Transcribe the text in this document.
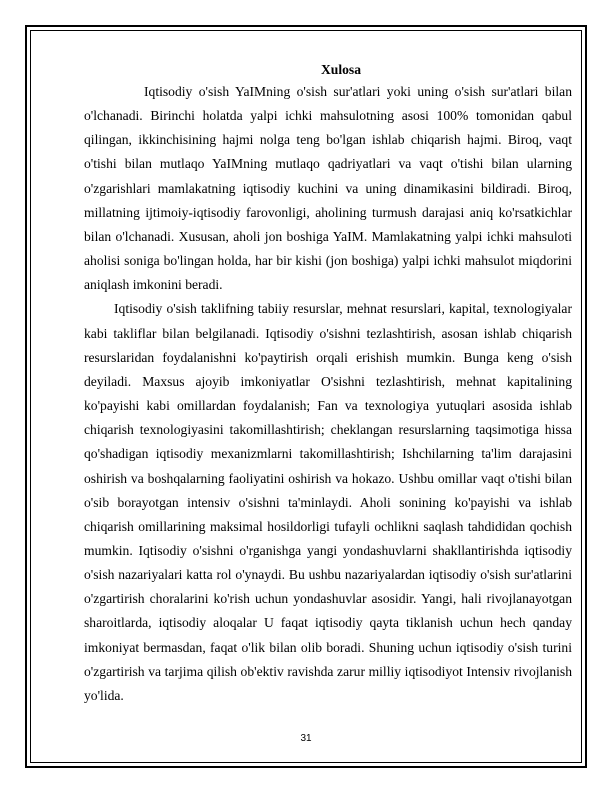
Xulosa

Iqtisodiy o'sish YaIMning o'sish sur'atlari yoki uning o'sish sur'atlari bilan o'lchanadi. Birinchi holatda yalpi ichki mahsulotning asosi 100% tomonidan qabul qilingan, ikkinchisining hajmi nolga teng bo'lgan ishlab chiqarish hajmi. Biroq, vaqt o'tishi bilan mutlaqo YaIMning mutlaqo qadriyatlari va vaqt o'tishi bilan ularning o'zgarishlari mamlakatning iqtisodiy kuchini va uning dinamikasini bildiradi. Biroq, millatning ijtimoiy-iqtisodiy farovonligi, aholining turmush darajasi aniq ko'rsatkichlar bilan o'lchanadi. Xususan, aholi jon boshiga YaIM. Mamlakatning yalpi ichki mahsuloti aholisi soniga bo'lingan holda, har bir kishi (jon boshiga) yalpi ichki mahsulot miqdorini aniqlash imkonini beradi.

Iqtisodiy o'sish taklifning tabiiy resurslar, mehnat resurslari, kapital, texnologiyalar kabi takliflar bilan belgilanadi. Iqtisodiy o'sishni tezlashtirish, asosan ishlab chiqarish resurslaridan foydalanishni ko'paytirish orqali erishish mumkin. Bunga keng o'sish deyiladi. Maxsus ajoyib imkoniyatlar O'sishni tezlashtirish, mehnat kapitalining ko'payishi kabi omillardan foydalanish; Fan va texnologiya yutuqlari asosida ishlab chiqarish texnologiyasini takomillashtirish; cheklangan resurslarning taqsimotiga hissa qo'shadigan iqtisodiy mexanizmlarni takomillashtirish; Ishchilarning ta'lim darajasini oshirish va boshqalarning faoliyatini oshirish va hokazo. Ushbu omillar vaqt o'tishi bilan o'sib borayotgan intensiv o'sishni ta'minlaydi. Aholi sonining ko'payishi va ishlab chiqarish omillarining maksimal hosildorligi tufayli ochlikni saqlash tahdididan qochish mumkin. Iqtisodiy o'sishni o'rganishga yangi yondashuvlarni shakllantirishda iqtisodiy o'sish nazariyalari katta rol o'ynaydi. Bu ushbu nazariyalardan iqtisodiy o'sish sur'atlarini o'zgartirish choralarini ko'rish uchun yondashuvlar asosidir. Yangi, hali rivojlanayotgan sharoitlarda, iqtisodiy aloqalar U faqat iqtisodiy qayta tiklanish uchun hech qanday imkoniyat bermasdan, faqat o'lik bilan olib boradi. Shuning uchun iqtisodiy o'sish turini o'zgartirish va tarjima qilish ob'ektiv ravishda zarur milliy iqtisodiyot Intensiv rivojlanish yo'lida.

31
